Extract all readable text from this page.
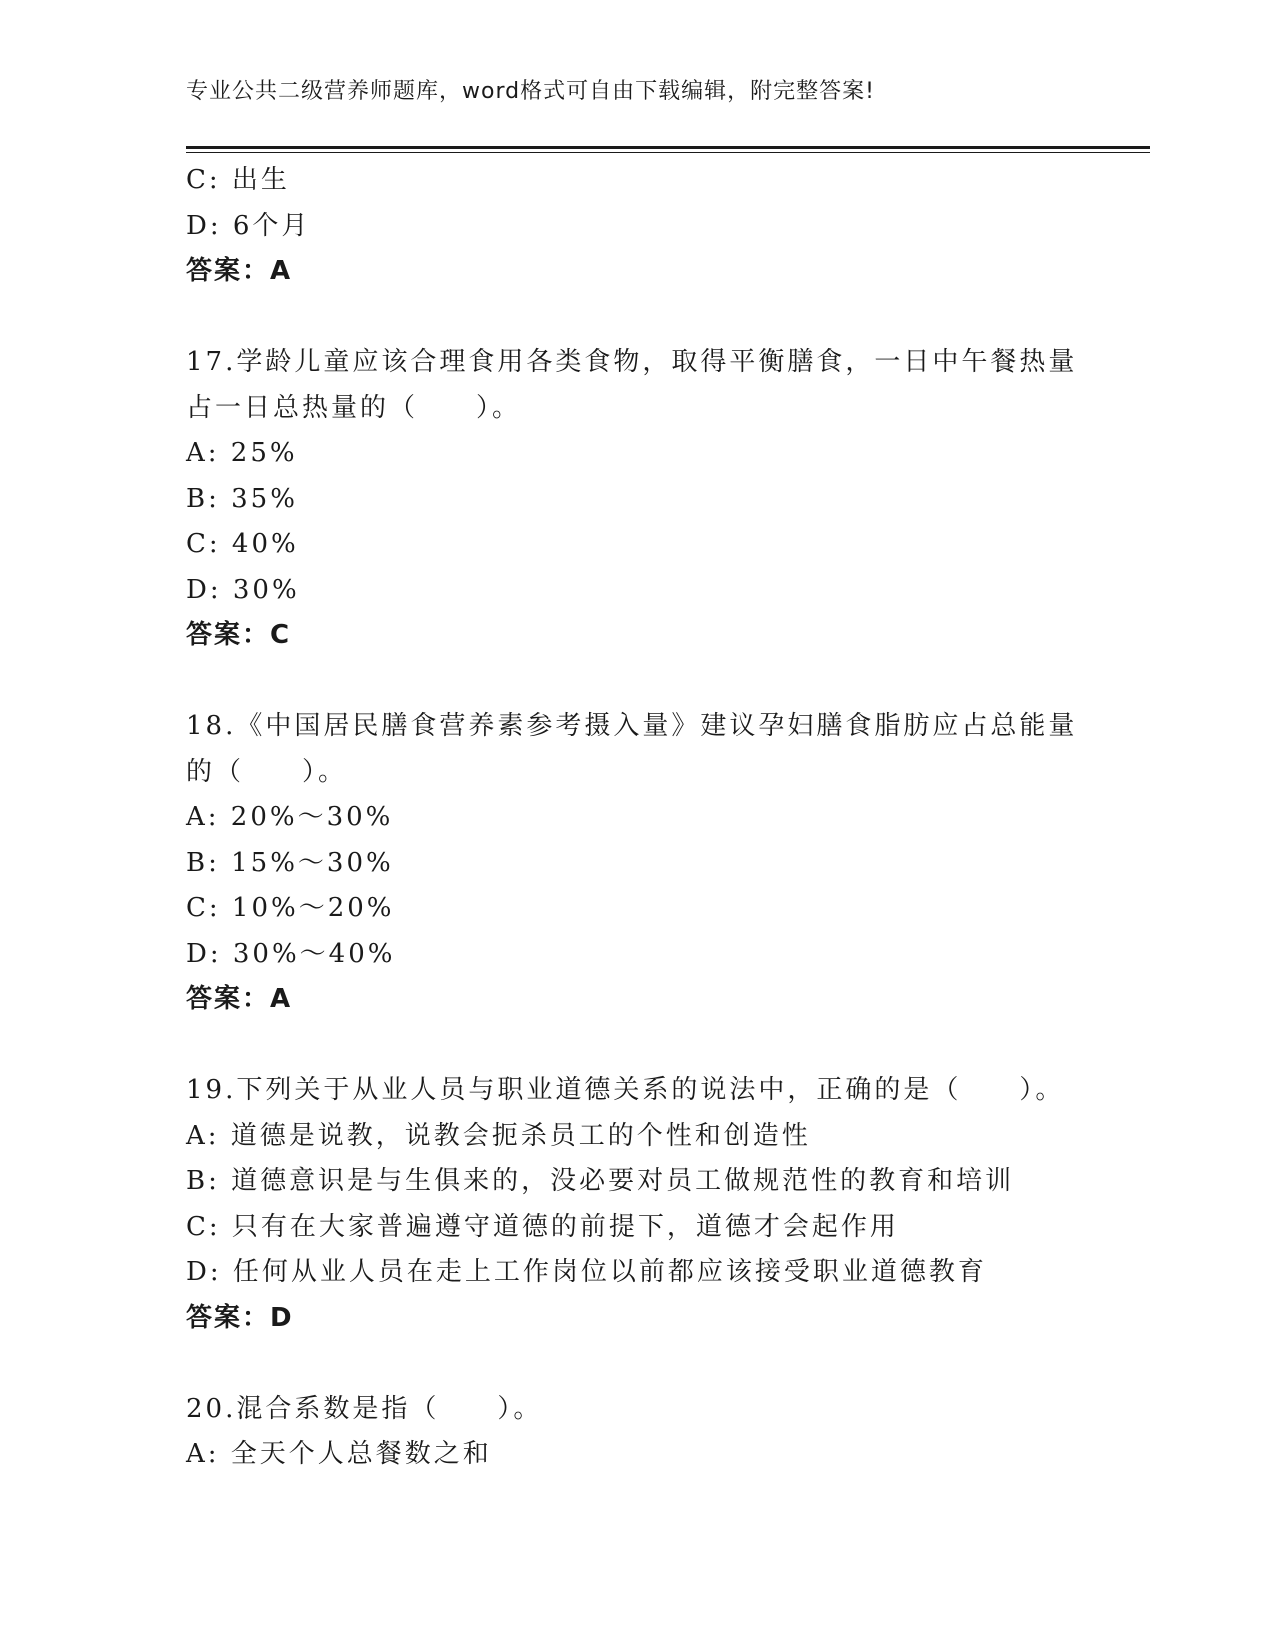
专业公共二级营养师题库，word格式可自由下载编辑，附完整答案!
C: 出生
D: 6个月
答案：A
17.学龄儿童应该合理食用各类食物，取得平衡膳食，一日中午餐热量
占一日总热量的（　　）。
A: 25%
B: 35%
C: 40%
D: 30%
答案：C
18.《中国居民膳食营养素参考摄入量》建议孕妇膳食脂肪应占总能量
的（　　）。
A: 20%～30%
B: 15%～30%
C: 10%～20%
D: 30%～40%
答案：A
19.下列关于从业人员与职业道德关系的说法中，正确的是（　　）。
A: 道德是说教，说教会扼杀员工的个性和创造性
B: 道德意识是与生俱来的，没必要对员工做规范性的教育和培训
C: 只有在大家普遍遵守道德的前提下，道德才会起作用
D: 任何从业人员在走上工作岗位以前都应该接受职业道德教育
答案：D
20.混合系数是指（　　）。
A: 全天个人总餐数之和
